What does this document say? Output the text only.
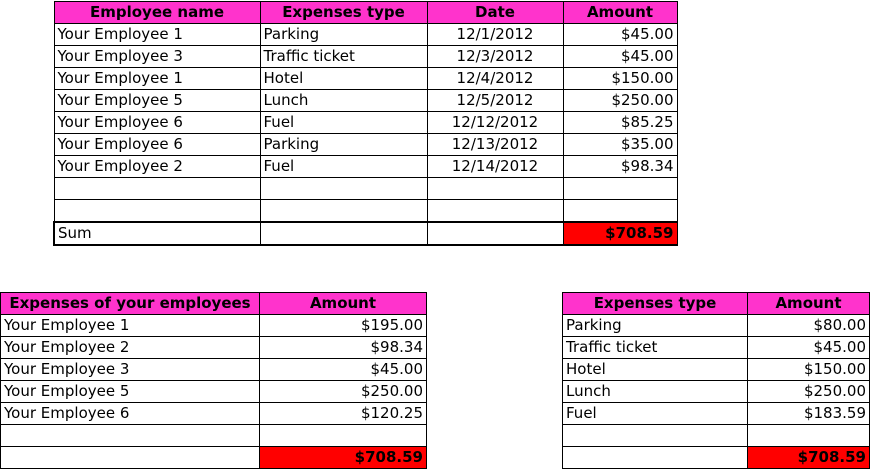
Employee name	Expenses type	Date	Amount
Your Employee 1	Parking	12/1/2012	$45.00
Your Employee 3	Traffic ticket	12/3/2012	$45.00
Your Employee 1	Hotel	12/4/2012	$150.00
Your Employee 5	Lunch	12/5/2012	$250.00
Your Employee 6	Fuel	12/12/2012	$85.25
Your Employee 6	Parking	12/13/2012	$35.00
Your Employee 2	Fuel	12/14/2012	$98.34

Sum			$708.59
Expenses of your employees	Amount
Your Employee 1	$195.00
Your Employee 2	$98.34
Your Employee 3	$45.00
Your Employee 5	$250.00
Your Employee 6	$120.25

	$708.59
Expenses type	Amount
Parking	$80.00
Traffic ticket	$45.00
Hotel	$150.00
Lunch	$250.00
Fuel	$183.59

	$708.59
